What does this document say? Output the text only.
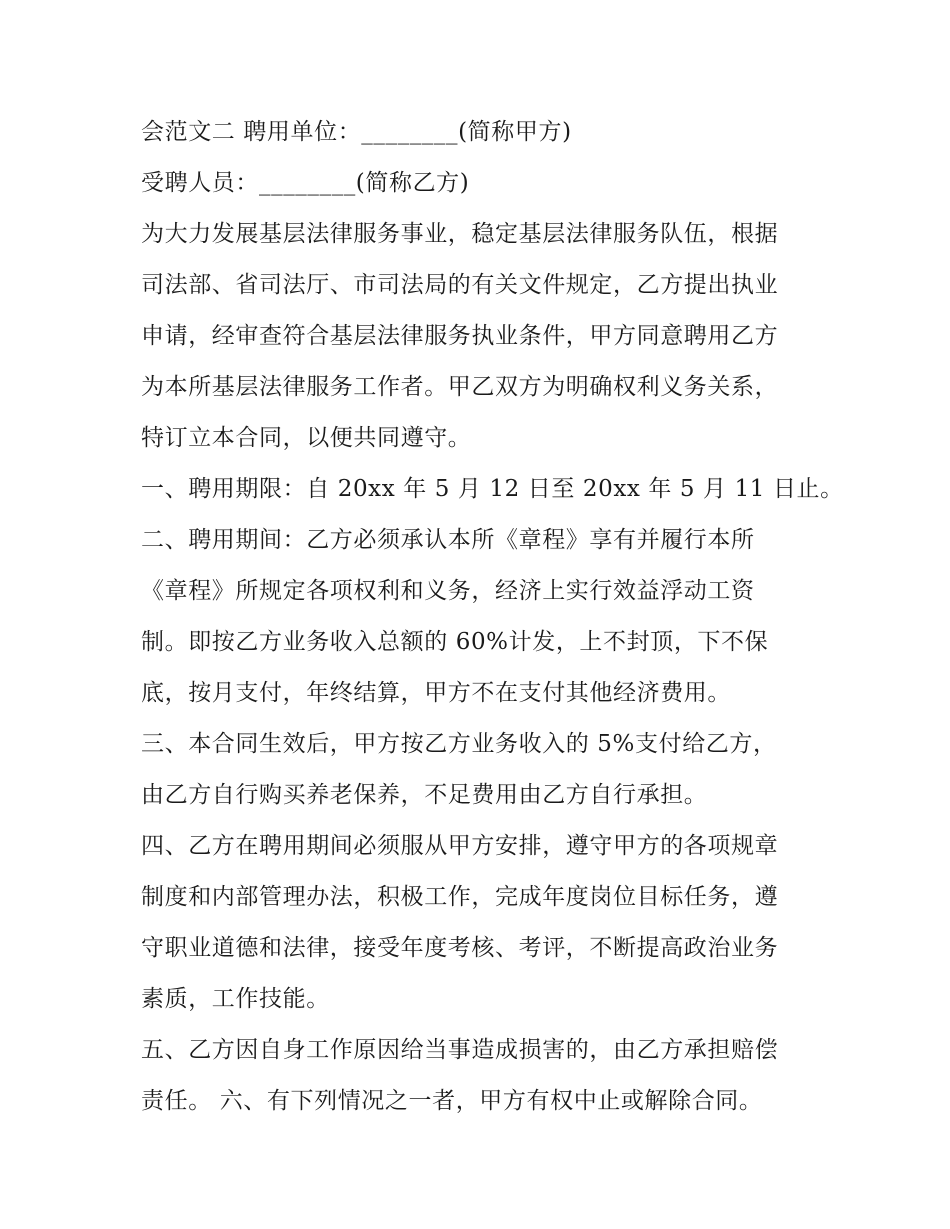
会范文二 聘用单位：________(简称甲方)
受聘人员：________(简称乙方)
为大力发展基层法律服务事业，稳定基层法律服务队伍，根据
司法部、省司法厅、市司法局的有关文件规定，乙方提出执业
申请，经审查符合基层法律服务执业条件，甲方同意聘用乙方
为本所基层法律服务工作者。甲乙双方为明确权利义务关系，
特订立本合同，以便共同遵守。
一、聘用期限：自 20xx 年 5 月 12 日至 20xx 年 5 月 11 日止。
二、聘用期间：乙方必须承认本所《章程》享有并履行本所
《章程》所规定各项权利和义务，经济上实行效益浮动工资
制。即按乙方业务收入总额的 60%计发，上不封顶，下不保
底，按月支付，年终结算，甲方不在支付其他经济费用。
三、本合同生效后，甲方按乙方业务收入的 5%支付给乙方，
由乙方自行购买养老保养，不足费用由乙方自行承担。
四、乙方在聘用期间必须服从甲方安排，遵守甲方的各项规章
制度和内部管理办法，积极工作，完成年度岗位目标任务，遵
守职业道德和法律，接受年度考核、考评，不断提高政治业务
素质，工作技能。
五、乙方因自身工作原因给当事造成损害的，由乙方承担赔偿
责任。 六、有下列情况之一者，甲方有权中止或解除合同。
